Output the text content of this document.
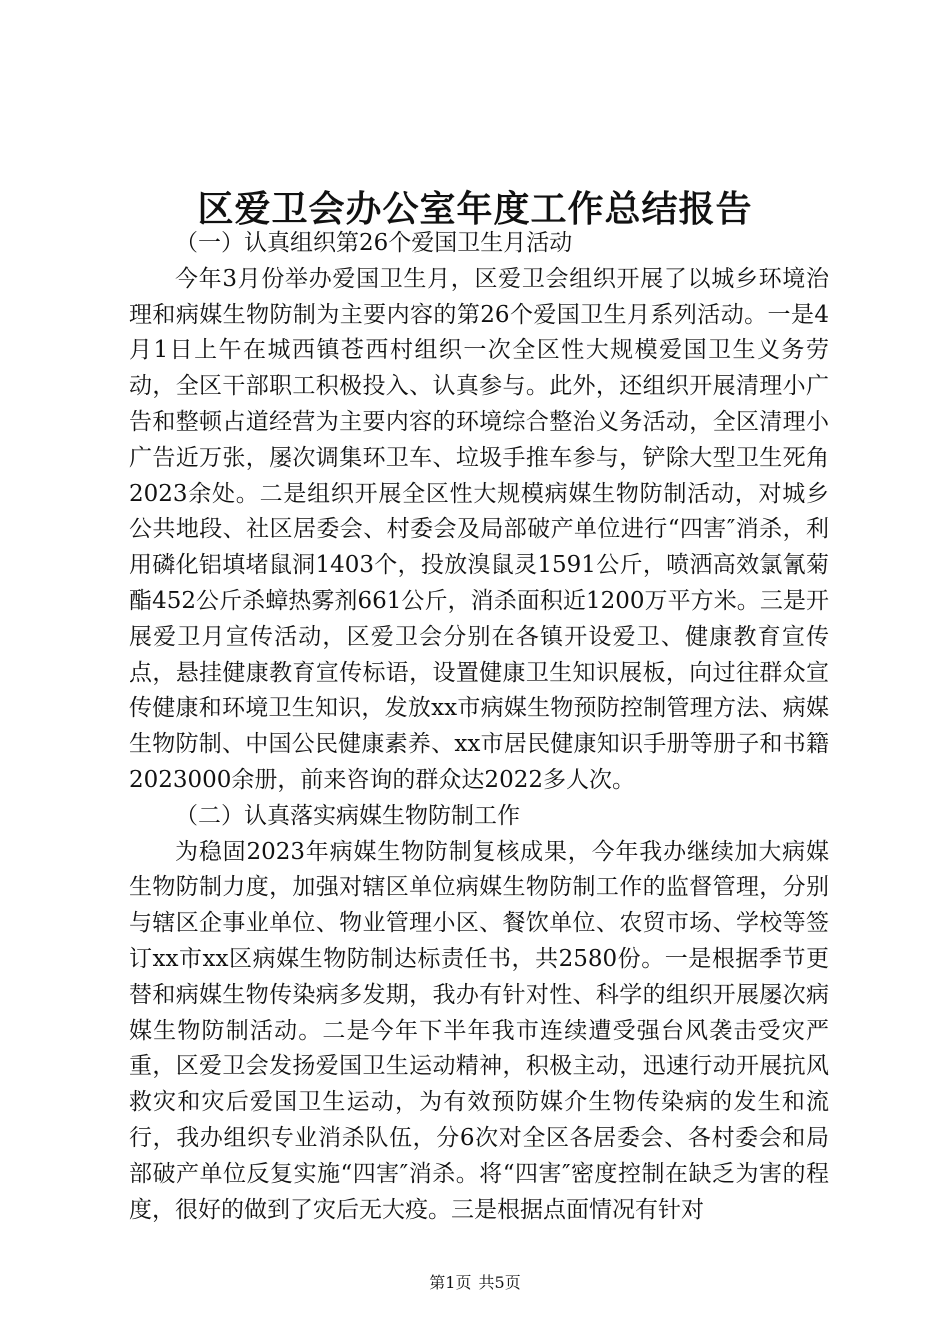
区爱卫会办公室年度工作总结报告

（一）认真组织第26个爱国卫生月活动

今年3月份举办爱国卫生月，区爱卫会组织开展了以城乡环境治理和病媒生物防制为主要内容的第26个爱国卫生月系列活动。一是4月1日上午在城西镇苍西村组织一次全区性大规模爱国卫生义务劳动，全区干部职工积极投入、认真参与。此外，还组织开展清理小广告和整顿占道经营为主要内容的环境综合整治义务活动，全区清理小广告近万张，屡次调集环卫车、垃圾手推车参与，铲除大型卫生死角2023余处。二是组织开展全区性大规模病媒生物防制活动，对城乡公共地段、社区居委会、村委会及局部破产单位进行“四害″消杀，利用磷化铝填堵鼠洞1403个，投放溴鼠灵1591公斤，喷洒高效氯氰菊酯452公斤杀蟑热雾剂661公斤，消杀面积近1200万平方米。三是开展爱卫月宣传活动，区爱卫会分别在各镇开设爱卫、健康教育宣传点，悬挂健康教育宣传标语，设置健康卫生知识展板，向过往群众宣传健康和环境卫生知识，发放xx市病媒生物预防控制管理方法、病媒生物防制、中国公民健康素养、xx市居民健康知识手册等册子和书籍2023000余册，前来咨询的群众达2022多人次。

（二）认真落实病媒生物防制工作

为稳固2023年病媒生物防制复核成果，今年我办继续加大病媒生物防制力度，加强对辖区单位病媒生物防制工作的监督管理，分别与辖区企事业单位、物业管理小区、餐饮单位、农贸市场、学校等签订xx市xx区病媒生物防制达标责任书，共2580份。一是根据季节更替和病媒生物传染病多发期，我办有针对性、科学的组织开展屡次病媒生物防制活动。二是今年下半年我市连续遭受强台风袭击受灾严重，区爱卫会发扬爱国卫生运动精神，积极主动，迅速行动开展抗风救灾和灾后爱国卫生运动，为有效预防媒介生物传染病的发生和流行，我办组织专业消杀队伍，分6次对全区各居委会、各村委会和局部破产单位反复实施“四害″消杀。将“四害″密度控制在缺乏为害的程度，很好的做到了灾后无大疫。三是根据点面情况有针对

第1页 共5页
